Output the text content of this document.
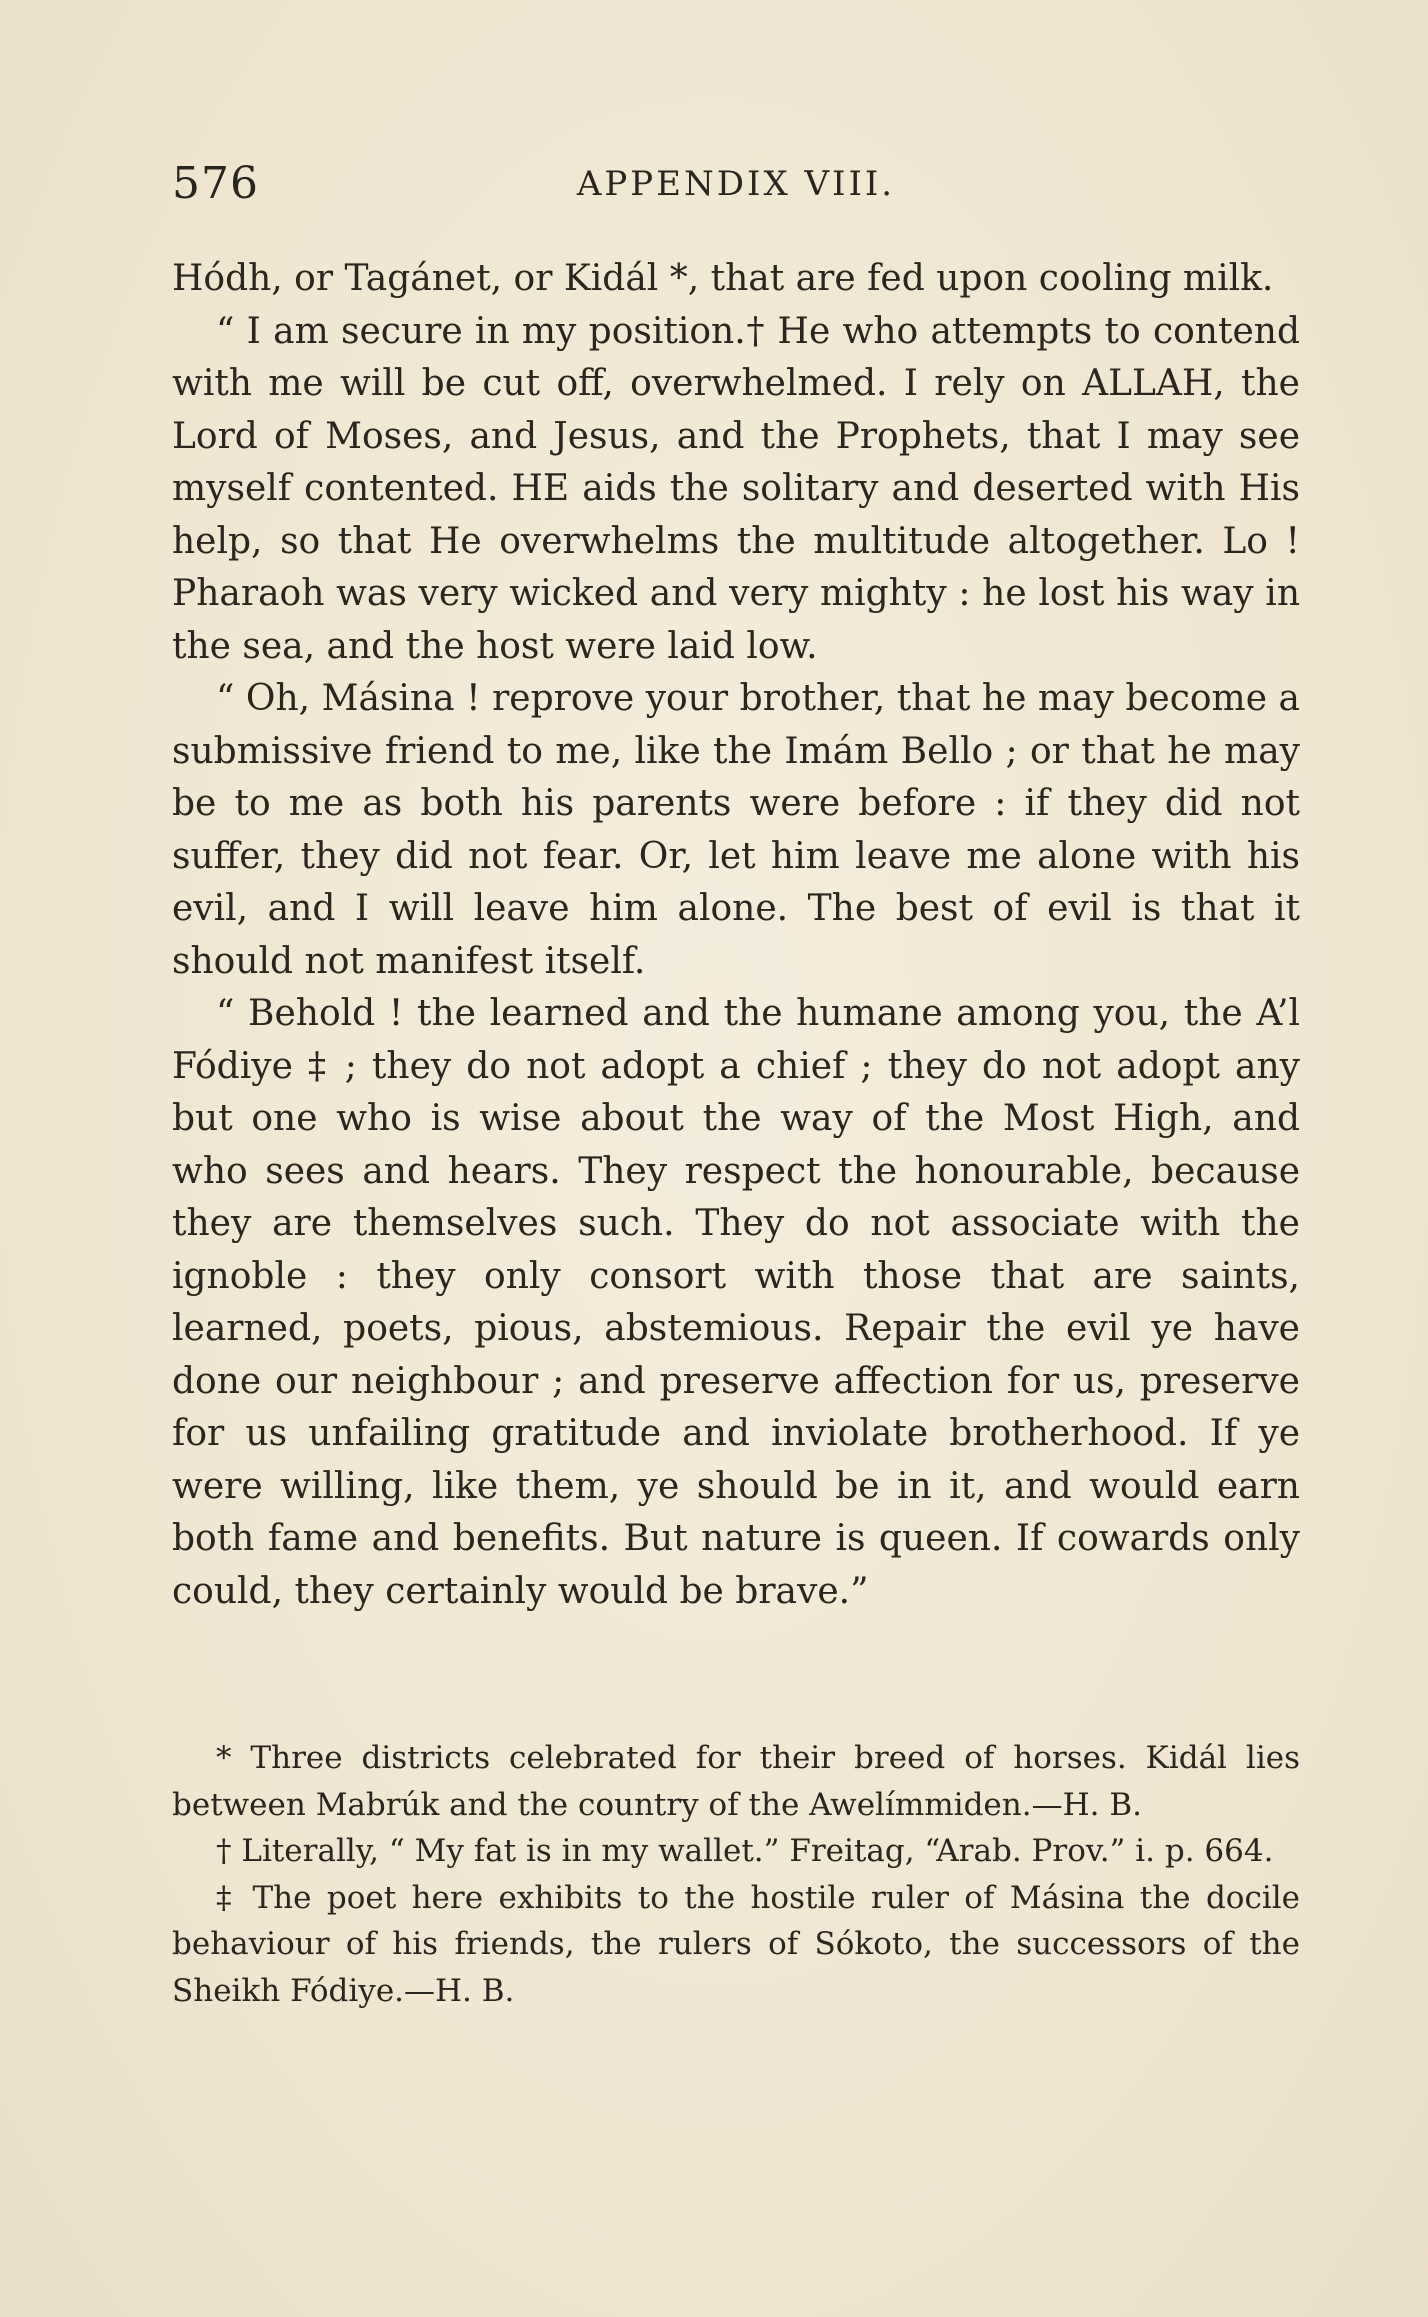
576	APPENDIX VIII.

Hódh, or Tagánet, or Kidál *, that are fed upon cooling milk.

“ I am secure in my position.† He who attempts to contend with me will be cut off, overwhelmed. I rely on ALLAH, the Lord of Moses, and Jesus, and the Prophets, that I may see myself contented. HE aids the solitary and deserted with His help, so that He overwhelms the multitude altogether. Lo ! Pharaoh was very wicked and very mighty : he lost his way in the sea, and the host were laid low.

“ Oh, Másina ! reprove your brother, that he may become a submissive friend to me, like the Imám Bello ; or that he may be to me as both his parents were before : if they did not suffer, they did not fear. Or, let him leave me alone with his evil, and I will leave him alone. The best of evil is that it should not manifest itself.

“ Behold ! the learned and the humane among you, the A’l Fódiye ‡ ; they do not adopt a chief ; they do not adopt any but one who is wise about the way of the Most High, and who sees and hears. They respect the honourable, because they are themselves such. They do not associate with the ignoble : they only consort with those that are saints, learned, poets, pious, abstemious. Repair the evil ye have done our neighbour ; and preserve affection for us, preserve for us unfailing gratitude and inviolate brotherhood. If ye were willing, like them, ye should be in it, and would earn both fame and benefits. But nature is queen. If cowards only could, they certainly would be brave.”

* Three districts celebrated for their breed of horses. Kidál lies between Mabrúk and the country of the Awelímmiden.—H. B.

† Literally, “ My fat is in my wallet.” Freitag, “Arab. Prov.” i. p. 664.

‡ The poet here exhibits to the hostile ruler of Másina the docile behaviour of his friends, the rulers of Sókoto, the successors of the Sheikh Fódiye.—H. B.
